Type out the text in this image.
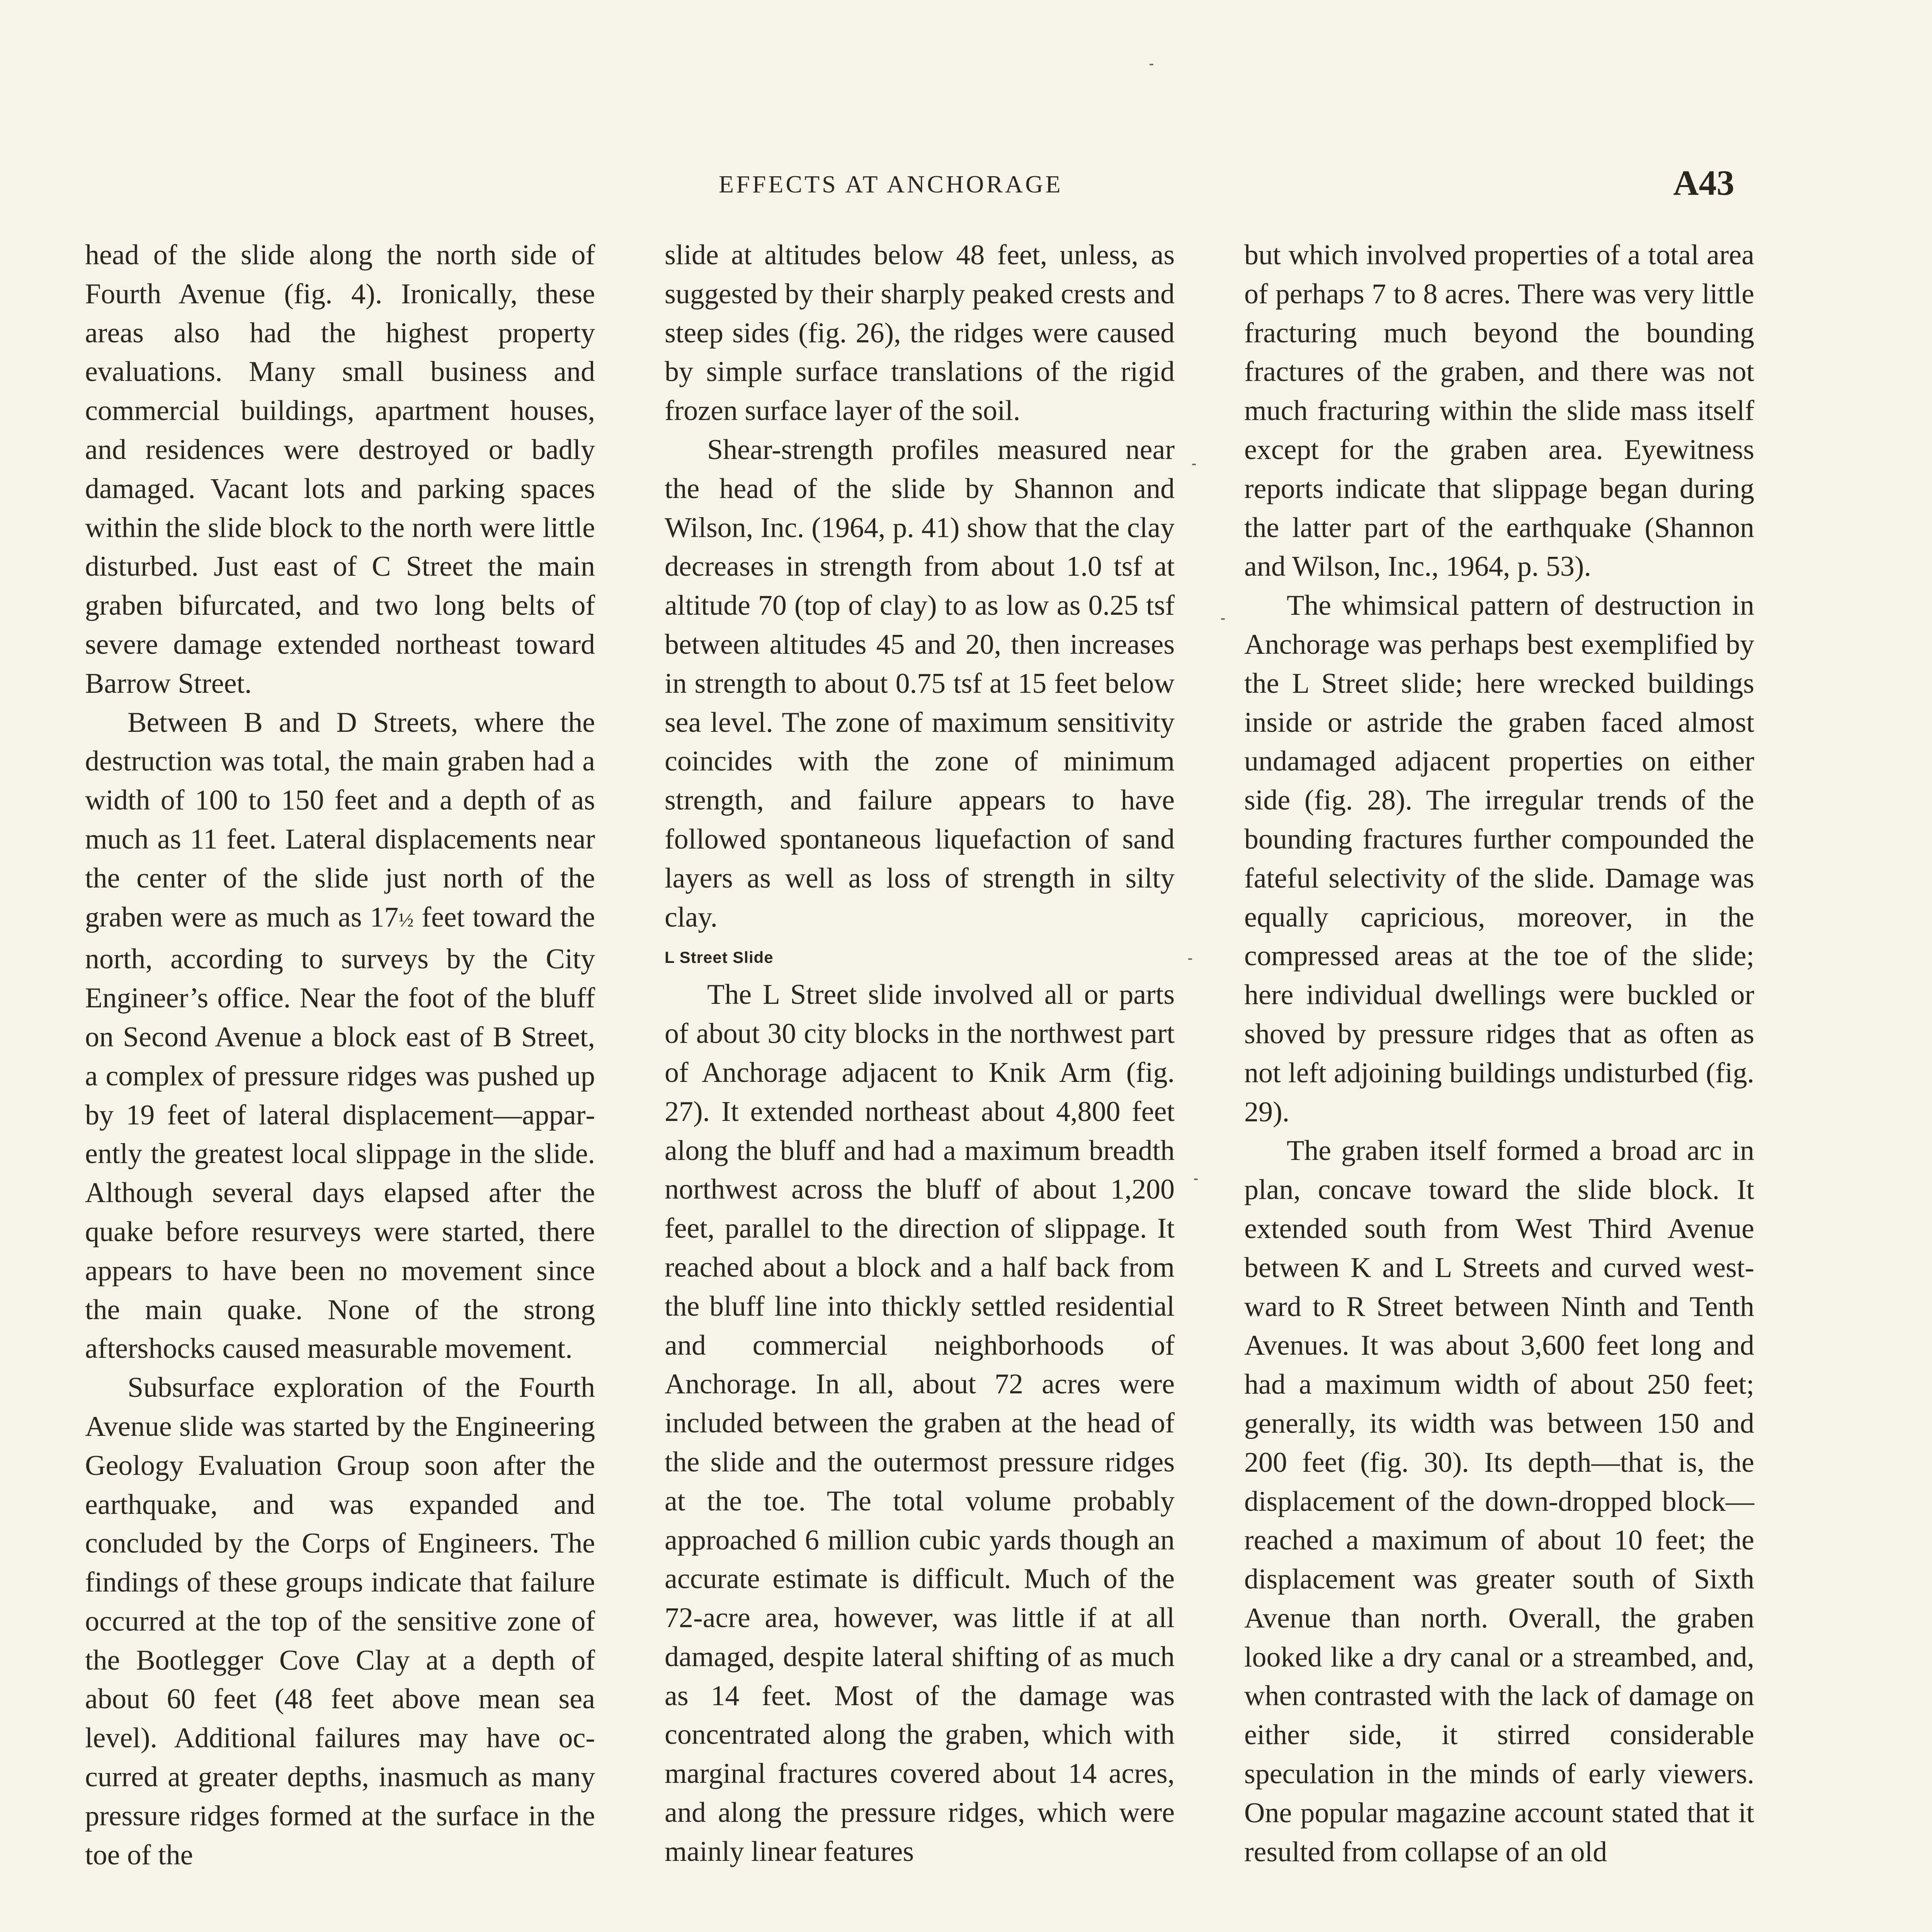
EFFECTS AT ANCHORAGE	A43

head of the slide along the north side of Fourth Avenue (fig. 4). Ironically, these areas also had the highest property evaluations. Many small business and commercial buildings, apartment houses, and residences were destroyed or badly damaged. Vacant lots and parking spaces within the slide block to the north were little disturbed. Just east of C Street the main graben bifurcated, and two long belts of severe damage extended northeast toward Barrow Street.

Between B and D Streets, where the destruction was total, the main graben had a width of 100 to 150 feet and a depth of as much as 11 feet. Lateral displacements near the center of the slide just north of the graben were as much as 17½ feet toward the north, according to surveys by the City Engineer’s office. Near the foot of the bluff on Second Avenue a block east of B Street, a complex of pressure ridges was pushed up by 19 feet of lateral displacement—apparently the greatest local slippage in the slide. Although several days elapsed after the quake before resurveys were started, there appears to have been no movement since the main quake. None of the strong aftershocks caused measurable movement.

Subsurface exploration of the Fourth Avenue slide was started by the Engineering Geology Evaluation Group soon after the earthquake, and was expanded and concluded by the Corps of Engineers. The findings of these groups indicate that failure occurred at the top of the sensitive zone of the Bootlegger Cove Clay at a depth of about 60 feet (48 feet above mean sea level). Additional failures may have occurred at greater depths, inasmuch as many pressure ridges formed at the surface in the toe of the

slide at altitudes below 48 feet, unless, as suggested by their sharply peaked crests and steep sides (fig. 26), the ridges were caused by simple surface translations of the rigid frozen surface layer of the soil.

Shear-strength profiles measured near the head of the slide by Shannon and Wilson, Inc. (1964, p. 41) show that the clay decreases in strength from about 1.0 tsf at altitude 70 (top of clay) to as low as 0.25 tsf between altitudes 45 and 20, then increases in strength to about 0.75 tsf at 15 feet below sea level. The zone of maximum sensitivity coincides with the zone of minimum strength, and failure appears to have followed spontaneous liquefaction of sand layers as well as loss of strength in silty clay.

L Street Slide

The L Street slide involved all or parts of about 30 city blocks in the northwest part of Anchorage adjacent to Knik Arm (fig. 27). It extended northeast about 4,800 feet along the bluff and had a maximum breadth northwest across the bluff of about 1,200 feet, parallel to the direction of slippage. It reached about a block and a half back from the bluff line into thickly settled residential and commercial neighborhoods of Anchorage. In all, about 72 acres were included between the graben at the head of the slide and the outermost pressure ridges at the toe. The total volume probably approached 6 million cubic yards though an accurate estimate is difficult. Much of the 72-acre area, however, was little if at all damaged, despite lateral shifting of as much as 14 feet. Most of the damage was concentrated along the graben, which with marginal fractures covered about 14 acres, and along the pressure ridges, which were mainly linear features

but which involved properties of a total area of perhaps 7 to 8 acres. There was very little fracturing much beyond the bounding fractures of the graben, and there was not much fracturing within the slide mass itself except for the graben area. Eyewitness reports indicate that slippage began during the latter part of the earthquake (Shannon and Wilson, Inc., 1964, p. 53).

The whimsical pattern of destruction in Anchorage was perhaps best exemplified by the L Street slide; here wrecked buildings inside or astride the graben faced almost undamaged adjacent properties on either side (fig. 28). The irregular trends of the bounding fractures further compounded the fateful selectivity of the slide. Damage was equally capricious, moreover, in the compressed areas at the toe of the slide; here individual dwellings were buckled or shoved by pressure ridges that as often as not left adjoining buildings undisturbed (fig. 29).

The graben itself formed a broad arc in plan, concave toward the slide block. It extended south from West Third Avenue between K and L Streets and curved westward to R Street between Ninth and Tenth Avenues. It was about 3,600 feet long and had a maximum width of about 250 feet; generally, its width was between 150 and 200 feet (fig. 30). Its depth—that is, the displacement of the down-dropped block—reached a maximum of about 10 feet; the displacement was greater south of Sixth Avenue than north. Overall, the graben looked like a dry canal or a streambed, and, when contrasted with the lack of damage on either side, it stirred considerable speculation in the minds of early viewers. One popular magazine account stated that it resulted from collapse of an old
